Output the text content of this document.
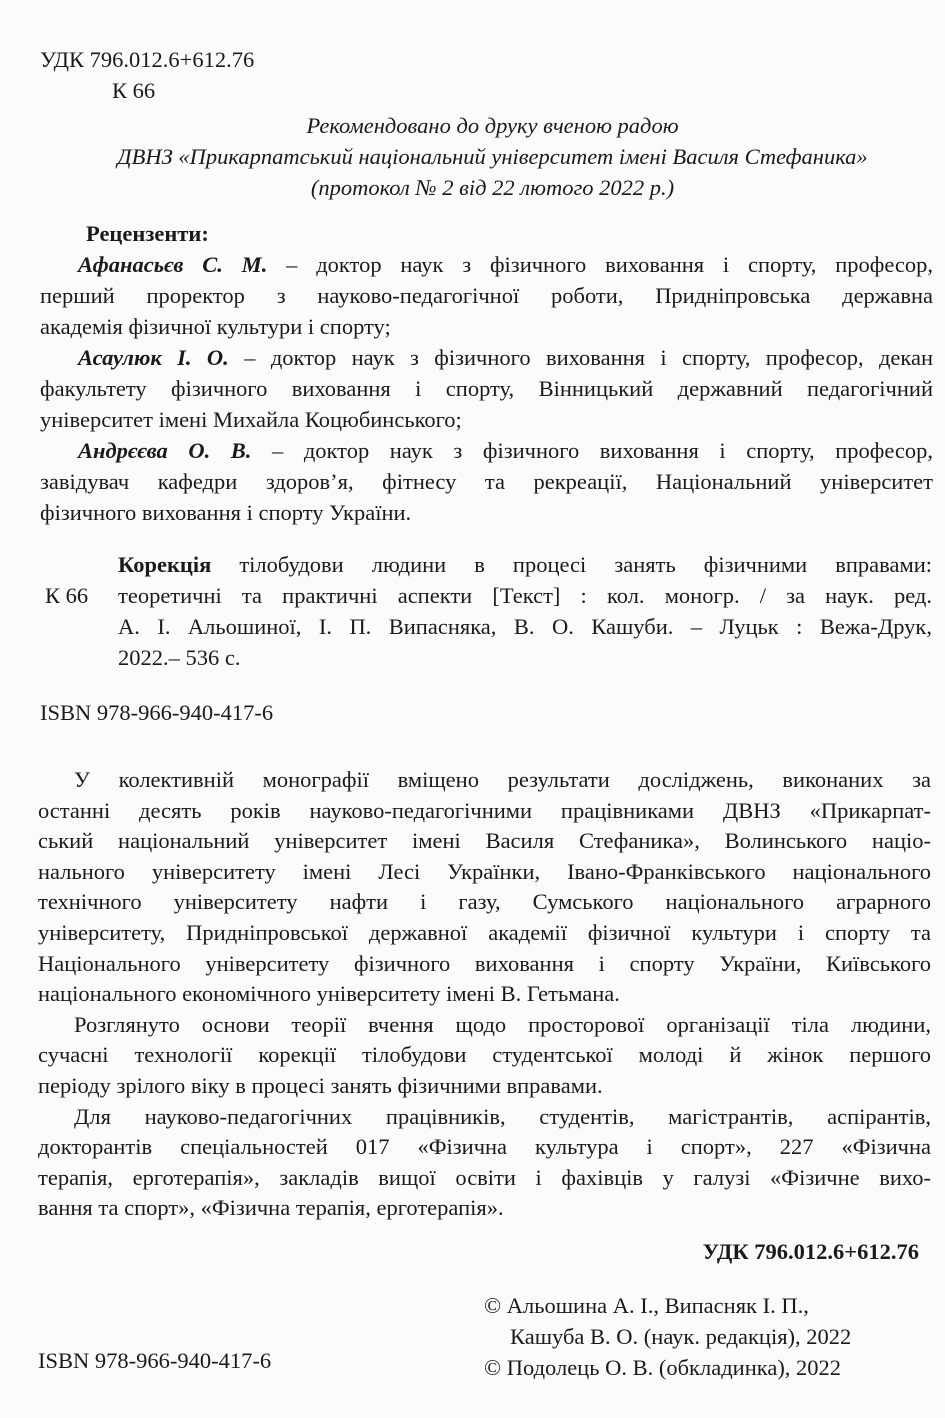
УДК 796.012.6+612.76
К 66
Рекомендовано до друку вченою радою
ДВНЗ «Прикарпатський національний університет імені Василя Стефаника»
(протокол № 2 від 22 лютого 2022 р.)
Рецензенти:
Афанасьєв С. М. – доктор наук з фізичного виховання і спорту, професор,
перший проректор з науково-педагогічної роботи, Придніпровська державна
академія фізичної культури і спорту;
Асаулюк І. О. – доктор наук з фізичного виховання і спорту, професор, декан
факультету фізичного виховання і спорту, Вінницький державний педагогічний
університет імені Михайла Коцюбинського;
Андрєєва О. В. – доктор наук з фізичного виховання і спорту, професор,
завідувач кафедри здоров’я, фітнесу та рекреації, Національний університет
фізичного виховання і спорту України.
К 66
Корекція тілобудови людини в процесі занять фізичними вправами:
теоретичні та практичні аспекти [Текст] : кол. моногр. / за наук. ред.
А. І. Альошиної, І. П. Випасняка, В. О. Кашуби. – Луцьк : Вежа-Друк,
2022.– 536 с.
ISBN 978-966-940-417-6
У колективній монографії вміщено результати досліджень, виконаних за
останні десять років науково-педагогічними працівниками ДВНЗ «Прикарпат-
ський національний університет імені Василя Стефаника», Волинського націо-
нального університету імені Лесі Українки, Івано-Франківського національного
технічного університету нафти і газу, Сумського національного аграрного
університету, Придніпровської державної академії фізичної культури і спорту та
Національного університету фізичного виховання і спорту України, Київського
національного економічного університету імені В. Гетьмана.
Розглянуто основи теорії вчення щодо просторової організації тіла людини,
сучасні технології корекції тілобудови студентської молоді й жінок першого
періоду зрілого віку в процесі занять фізичними вправами.
Для науково-педагогічних працівників, студентів, магістрантів, аспірантів,
докторантів спеціальностей 017 «Фізична культура і спорт», 227 «Фізична
терапія, ерготерапія», закладів вищої освіти і фахівців у галузі «Фізичне вихо-
вання та спорт», «Фізична терапія, ерготерапія».
УДК 796.012.6+612.76
© Альошина А. І., Випасняк І. П.,
Кашуба В. О. (наук. редакція), 2022
© Подолець О. В. (обкладинка), 2022
ISBN 978-966-940-417-6
